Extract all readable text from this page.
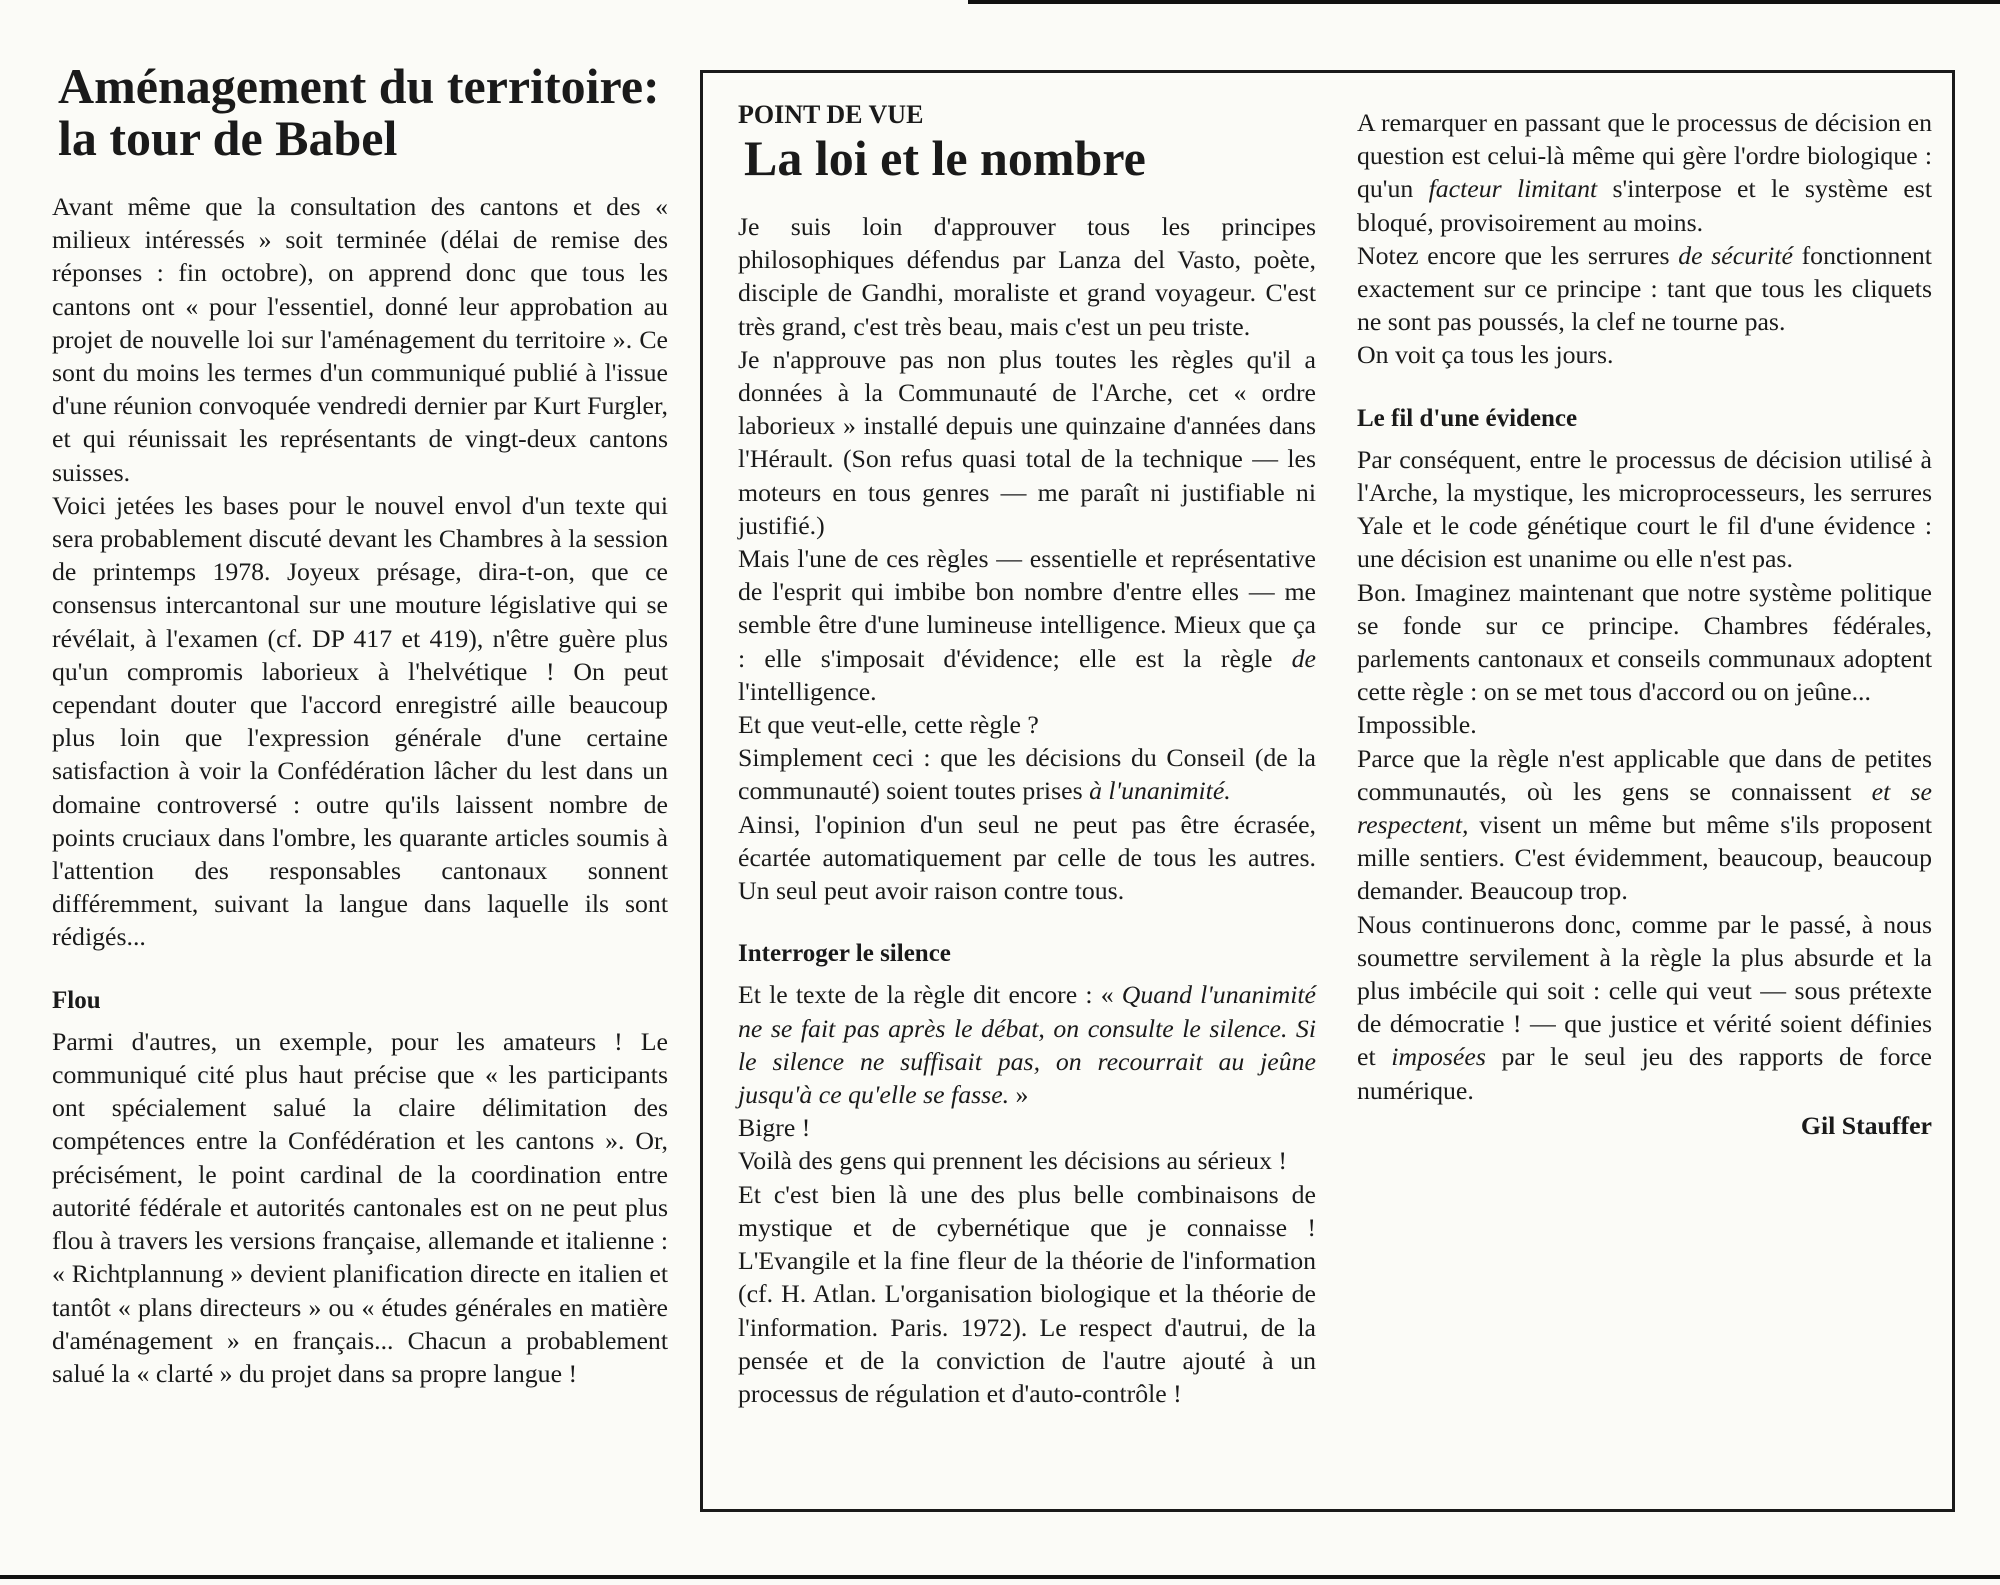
Aménagement du territoire:
la tour de Babel

Avant même que la consultation des cantons et des « milieux intéressés » soit terminée (délai de remise des réponses : fin octobre), on apprend donc que tous les cantons ont « pour l'essentiel, donné leur approbation au projet de nouvelle loi sur l'aménagement du territoire ». Ce sont du moins les termes d'un communiqué publié à l'issue d'une réunion convoquée vendredi dernier par Kurt Furgler, et qui réunissait les représentants de vingt-deux cantons suisses.

Voici jetées les bases pour le nouvel envol d'un texte qui sera probablement discuté devant les Chambres à la session de printemps 1978. Joyeux présage, dira-t-on, que ce consensus intercantonal sur une mouture législative qui se révélait, à l'examen (cf. DP 417 et 419), n'être guère plus qu'un compromis laborieux à l'helvétique ! On peut cependant douter que l'accord enregistré aille beaucoup plus loin que l'expression générale d'une certaine satisfaction à voir la Confédération lâcher du lest dans un domaine controversé : outre qu'ils laissent nombre de points cruciaux dans l'ombre, les quarante articles soumis à l'attention des responsables cantonaux sonnent différemment, suivant la langue dans laquelle ils sont rédigés...

Flou

Parmi d'autres, un exemple, pour les amateurs ! Le communiqué cité plus haut précise que « les participants ont spécialement salué la claire délimitation des compétences entre la Confédération et les cantons ». Or, précisément, le point cardinal de la coordination entre autorité fédérale et autorités cantonales est on ne peut plus flou à travers les versions française, allemande et italienne : « Richtplannung » devient planification directe en italien et tantôt « plans directeurs » ou « études générales en matière d'aménagement » en français... Chacun a probablement salué la « clarté » du projet dans sa propre langue !

POINT DE VUE

La loi et le nombre

Je suis loin d'approuver tous les principes philosophiques défendus par Lanza del Vasto, poète, disciple de Gandhi, moraliste et grand voyageur. C'est très grand, c'est très beau, mais c'est un peu triste.

Je n'approuve pas non plus toutes les règles qu'il a données à la Communauté de l'Arche, cet « ordre laborieux » installé depuis une quinzaine d'années dans l'Hérault. (Son refus quasi total de la technique — les moteurs en tous genres — me paraît ni justifiable ni justifié.)

Mais l'une de ces règles — essentielle et représentative de l'esprit qui imbibe bon nombre d'entre elles — me semble être d'une lumineuse intelligence. Mieux que ça : elle s'imposait d'évidence; elle est la règle de l'intelligence.

Et que veut-elle, cette règle ?

Simplement ceci : que les décisions du Conseil (de la communauté) soient toutes prises à l'unanimité.

Ainsi, l'opinion d'un seul ne peut pas être écrasée, écartée automatiquement par celle de tous les autres. Un seul peut avoir raison contre tous.

Interroger le silence

Et le texte de la règle dit encore : « Quand l'unanimité ne se fait pas après le débat, on consulte le silence. Si le silence ne suffisait pas, on recourrait au jeûne jusqu'à ce qu'elle se fasse. »

Bigre !

Voilà des gens qui prennent les décisions au sérieux !

Et c'est bien là une des plus belle combinaisons de mystique et de cybernétique que je connaisse ! L'Evangile et la fine fleur de la théorie de l'information (cf. H. Atlan. L'organisation biologique et la théorie de l'information. Paris. 1972). Le respect d'autrui, de la pensée et de la conviction de l'autre ajouté à un processus de régulation et d'auto-contrôle !

A remarquer en passant que le processus de décision en question est celui-là même qui gère l'ordre biologique : qu'un facteur limitant s'interpose et le système est bloqué, provisoirement au moins.

Notez encore que les serrures de sécurité fonctionnent exactement sur ce principe : tant que tous les cliquets ne sont pas poussés, la clef ne tourne pas.

On voit ça tous les jours.

Le fil d'une évidence

Par conséquent, entre le processus de décision utilisé à l'Arche, la mystique, les microprocesseurs, les serrures Yale et le code génétique court le fil d'une évidence : une décision est unanime ou elle n'est pas.

Bon. Imaginez maintenant que notre système politique se fonde sur ce principe. Chambres fédérales, parlements cantonaux et conseils communaux adoptent cette règle : on se met tous d'accord ou on jeûne...

Impossible.

Parce que la règle n'est applicable que dans de petites communautés, où les gens se connaissent et se respectent, visent un même but même s'ils proposent mille sentiers. C'est évidemment, beaucoup, beaucoup demander. Beaucoup trop.

Nous continuerons donc, comme par le passé, à nous soumettre servilement à la règle la plus absurde et la plus imbécile qui soit : celle qui veut — sous prétexte de démocratie ! — que justice et vérité soient définies et imposées par le seul jeu des rapports de force numérique.

Gil Stauffer
